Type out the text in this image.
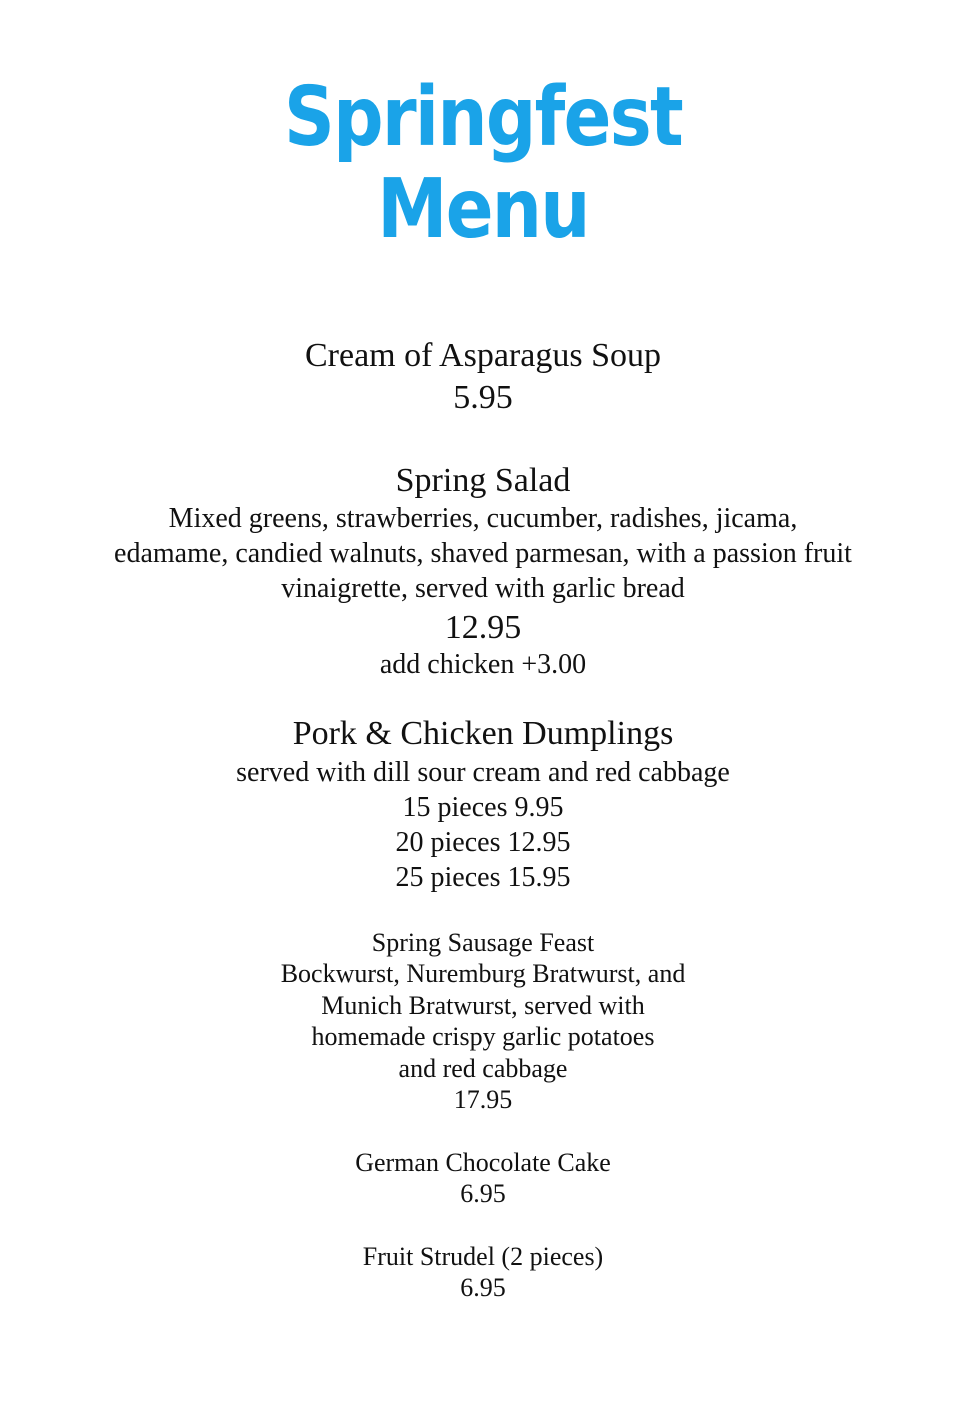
Springfest
Menu
Cream of Asparagus Soup
5.95
Spring Salad
Mixed greens, strawberries, cucumber, radishes, jicama,
edamame, candied walnuts, shaved parmesan, with a passion fruit
vinaigrette, served with garlic bread
12.95
add chicken +3.00
Pork & Chicken Dumplings
served with dill sour cream and red cabbage
15 pieces 9.95
20 pieces 12.95
25 pieces 15.95
Spring Sausage Feast
Bockwurst, Nuremburg Bratwurst, and
Munich Bratwurst, served with
homemade crispy garlic potatoes
and red cabbage
17.95
German Chocolate Cake
6.95
Fruit Strudel (2 pieces)
6.95
